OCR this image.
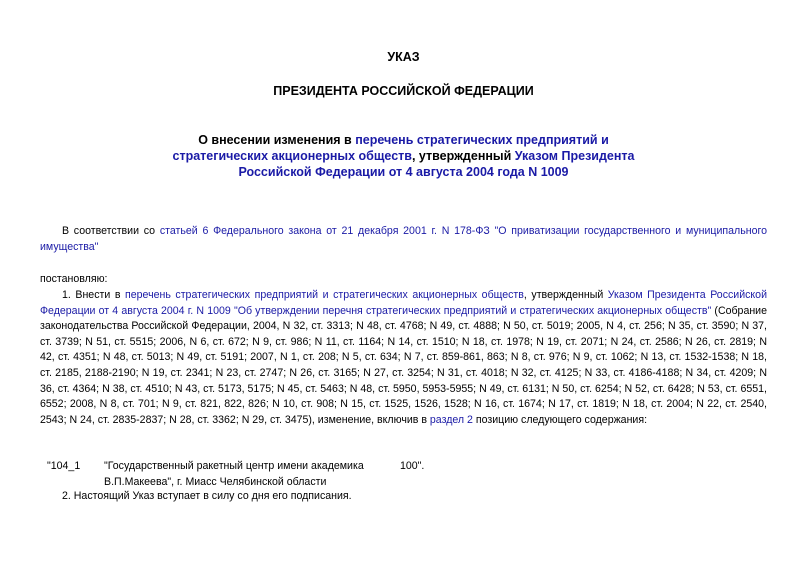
УКАЗ
ПРЕЗИДЕНТА РОССИЙСКОЙ ФЕДЕРАЦИИ
О внесении изменения в перечень стратегических предприятий и стратегических акционерных обществ, утвержденный Указом Президента Российской Федерации от 4 августа 2004 года N 1009
В соответствии со статьей 6 Федерального закона от 21 декабря 2001 г. N 178-ФЗ "О приватизации государственного и муниципального имущества"
постановляю:
1. Внести в перечень стратегических предприятий и стратегических акционерных обществ, утвержденный Указом Президента Российской Федерации от 4 августа 2004 г. N 1009 "Об утверждении перечня стратегических предприятий и стратегических акционерных обществ" (Собрание законодательства Российской Федерации, 2004, N 32, ст. 3313; N 48, ст. 4768; N 49, ст. 4888; N 50, ст. 5019; 2005, N 4, ст. 256; N 35, ст. 3590; N 37, ст. 3739; N 51, ст. 5515; 2006, N 6, ст. 672; N 9, ст. 986; N 11, ст. 1164; N 14, ст. 1510; N 18, ст. 1978; N 19, ст. 2071; N 24, ст. 2586; N 26, ст. 2819; N 42, ст. 4351; N 48, ст. 5013; N 49, ст. 5191; 2007, N 1, ст. 208; N 5, ст. 634; N 7, ст. 859-861, 863; N 8, ст. 976; N 9, ст. 1062; N 13, ст. 1532-1538; N 18, ст. 2185, 2188-2190; N 19, ст. 2341; N 23, ст. 2747; N 26, ст. 3165; N 27, ст. 3254; N 31, ст. 4018; N 32, ст. 4125; N 33, ст. 4186-4188; N 34, ст. 4209; N 36, ст. 4364; N 38, ст. 4510; N 43, ст. 5173, 5175; N 45, ст. 5463; N 48, ст. 5950, 5953-5955; N 49, ст. 6131; N 50, ст. 6254; N 52, ст. 6428; N 53, ст. 6551, 6552; 2008, N 8, ст. 701; N 9, ст. 821, 822, 826; N 10, ст. 908; N 15, ст. 1525, 1526, 1528; N 16, ст. 1674; N 17, ст. 1819; N 18, ст. 2004; N 22, ст. 2540, 2543; N 24, ст. 2835-2837; N 28, ст. 3362; N 29, ст. 3475), изменение, включив в раздел 2 позицию следующего содержания:
"104_1 "Государственный ракетный центр имени академика
В.П.Макеева", г. Миасс Челябинской области
100".
2. Настоящий Указ вступает в силу со дня его подписания.
